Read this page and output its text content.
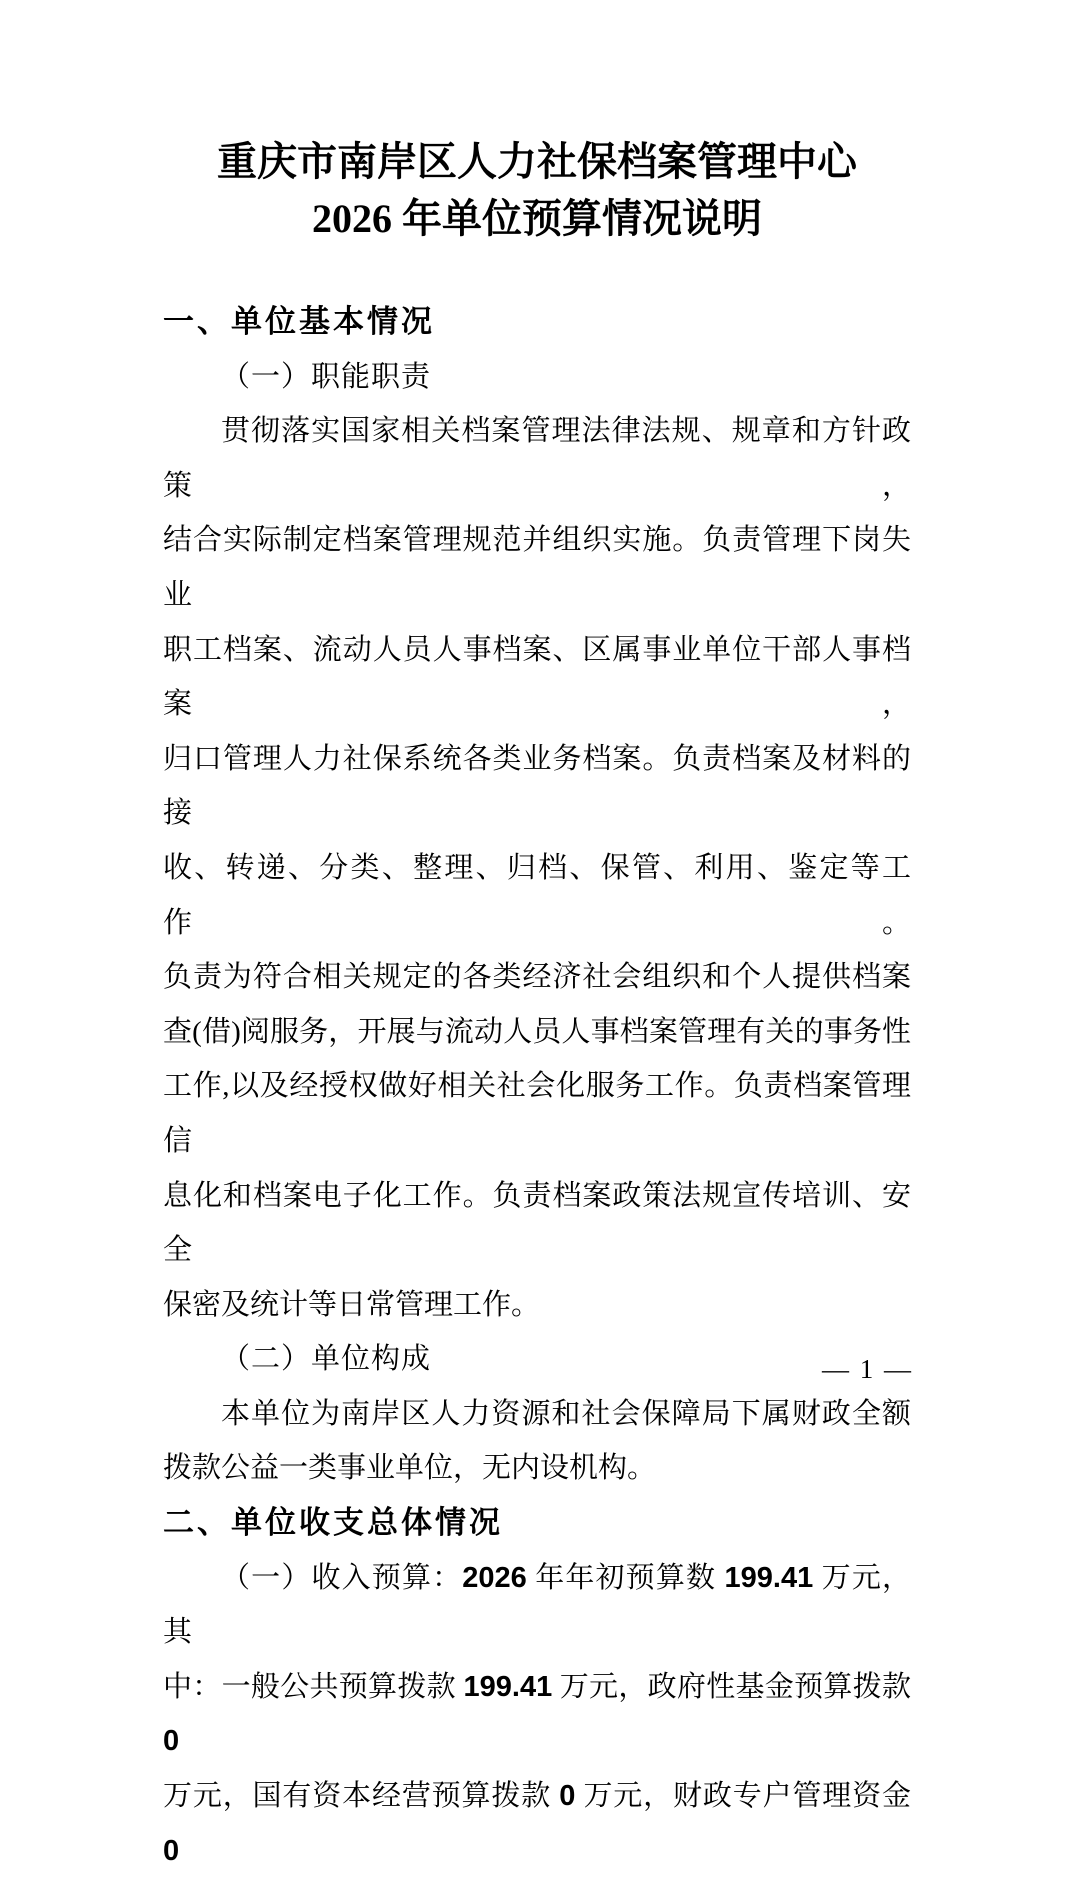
重庆市南岸区人力社保档案管理中心
2026 年单位预算情况说明
一、单位基本情况
（一）职能职责
贯彻落实国家相关档案管理法律法规、规章和方针政策，
结合实际制定档案管理规范并组织实施。负责管理下岗失业
职工档案、流动人员人事档案、区属事业单位干部人事档案，
归口管理人力社保系统各类业务档案。负责档案及材料的接
收、转递、分类、整理、归档、保管、利用、鉴定等工作。
负责为符合相关规定的各类经济社会组织和个人提供档案
查(借)阅服务，开展与流动人员人事档案管理有关的事务性
工作,以及经授权做好相关社会化服务工作。负责档案管理信
息化和档案电子化工作。负责档案政策法规宣传培训、安全
保密及统计等日常管理工作。
（二）单位构成
本单位为南岸区人力资源和社会保障局下属财政全额
拨款公益一类事业单位，无内设机构。
二、单位收支总体情况
（一）收入预算：2026 年年初预算数 199.41 万元，其
中：一般公共预算拨款 199.41 万元，政府性基金预算拨款 0
万元，国有资本经营预算拨款 0 万元，财政专户管理资金 0
— 1 —
